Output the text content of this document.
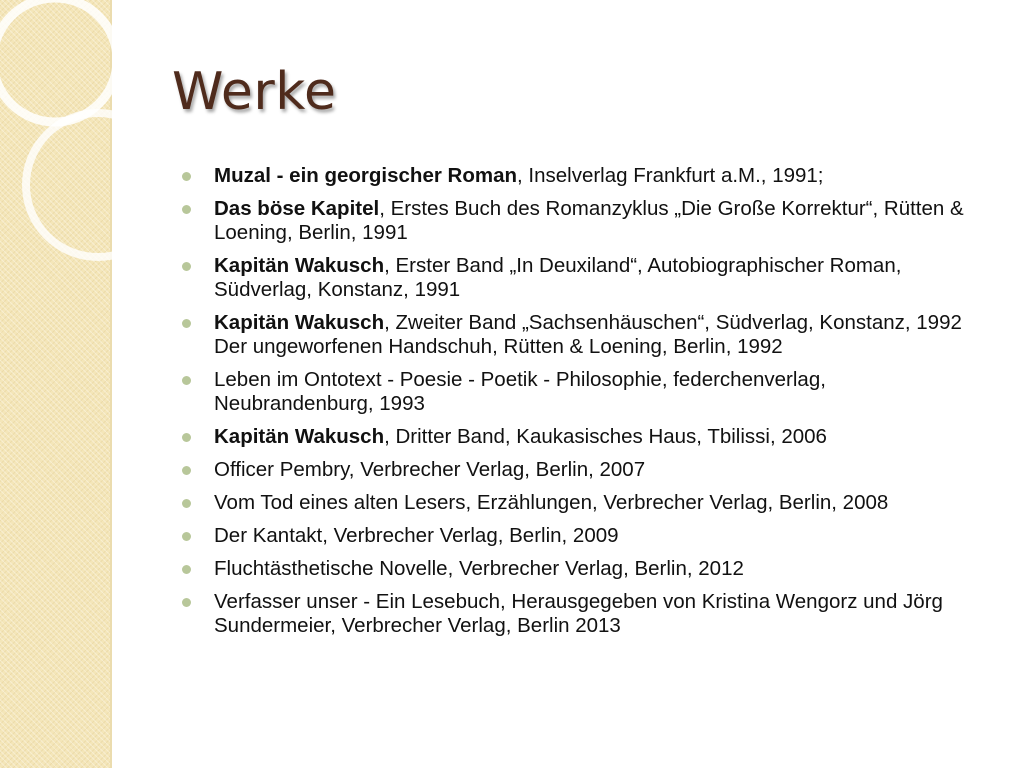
Werke
Muzal - ein georgischer Roman, Inselverlag Frankfurt a.M., 1991;
Das böse Kapitel, Erstes Buch des Romanzyklus „Die Große Korrektur“, Rütten & Loening, Berlin, 1991
Kapitän Wakusch, Erster Band „In Deuxiland“, Autobiographischer Roman, Südverlag, Konstanz, 1991
Kapitän Wakusch, Zweiter Band „Sachsenhäuschen“, Südverlag, Konstanz, 1992 Der ungeworfenen Handschuh, Rütten & Loening, Berlin, 1992
Leben im Ontotext - Poesie - Poetik - Philosophie, federchenverlag, Neubrandenburg, 1993
Kapitän Wakusch, Dritter Band, Kaukasisches Haus, Tbilissi, 2006
Officer Pembry, Verbrecher Verlag, Berlin, 2007
Vom Tod eines alten Lesers, Erzählungen, Verbrecher Verlag, Berlin, 2008
Der Kantakt, Verbrecher Verlag, Berlin, 2009
Fluchtästhetische Novelle, Verbrecher Verlag, Berlin, 2012
Verfasser unser - Ein Lesebuch, Herausgegeben von Kristina Wengorz und Jörg Sundermeier, Verbrecher Verlag, Berlin 2013
